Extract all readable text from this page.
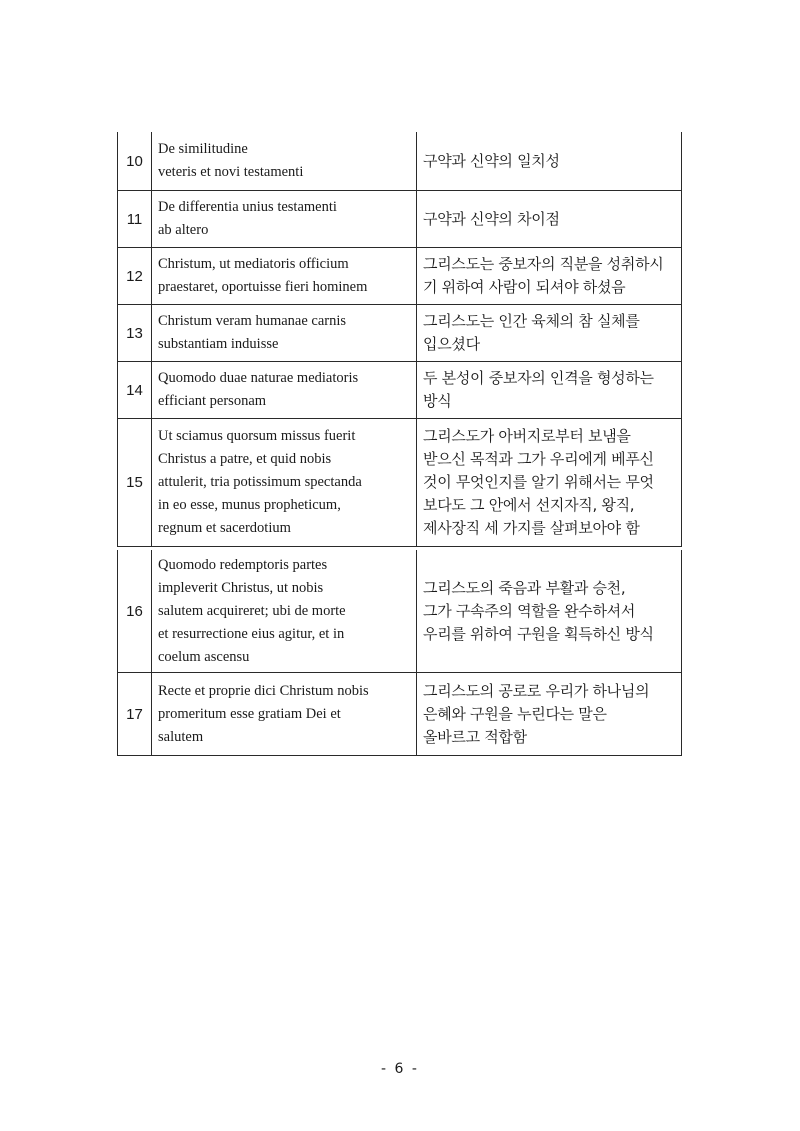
10	De similitudine
veteris et novi testamenti	구약과 신약의 일치성

11	De differentia unius testamenti
ab altero	구약과 신약의 차이점

12	Christum, ut mediatoris officium
praestaret, oportuisse fieri hominem	그리스도는 중보자의 직분을 성취하시
기 위하여 사람이 되셔야 하셨음

13	Christum veram humanae carnis
substantiam induisse	그리스도는 인간 육체의 참 실체를
입으셨다

14	Quomodo duae naturae mediatoris
efficiant personam	두 본성이 중보자의 인격을 형성하는
방식

15	Ut sciamus quorsum missus fuerit
Christus a patre, et quid nobis
attulerit, tria potissimum spectanda
in eo esse, munus propheticum,
regnum et sacerdotium	그리스도가 아버지로부터 보냄을
받으신 목적과 그가 우리에게 베푸신
것이 무엇인지를 알기 위해서는 무엇
보다도 그 안에서 선지자직, 왕직,
제사장직 세 가지를 살펴보아야 함
16	Quomodo redemptoris partes
impleverit Christus, ut nobis
salutem acquireret; ubi de morte
et resurrectione eius agitur, et in
coelum ascensu	그리스도의 죽음과 부활과 승천,
그가 구속주의 역할을 완수하셔서
우리를 위하여 구원을 획득하신 방식

17	Recte et proprie dici Christum nobis
promeritum esse gratiam Dei et
salutem	그리스도의 공로로 우리가 하나님의
은혜와 구원을 누린다는 말은
올바르고 적합함
- 6 -
